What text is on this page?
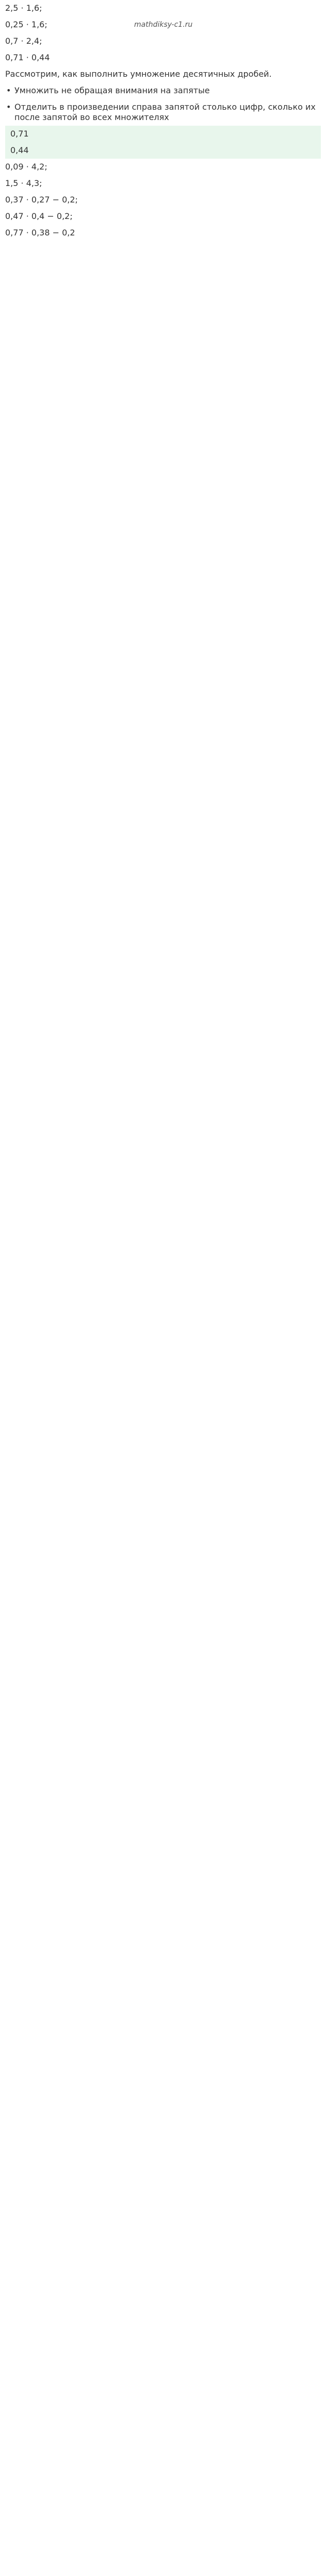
2,5 · 1,6;
0,25 · 1,6;
0,7 · 2,4;
0,71 · 0,44
Рассмотрим, как выполнить умножение десятичных дробей.
• Умножить не обращая внимания на запятые
• Отделить в произведении справа запятой столько цифр, сколько их после запятой во всех множителях
0,71
0,44
0,09 · 4,2;
1,5 · 4,3;
0,37 · 0,27 − 0,2;
0,47 · 0,4 − 0,2;
0,77 · 0,38 − 0,2
mathdiksy-c1.ru
